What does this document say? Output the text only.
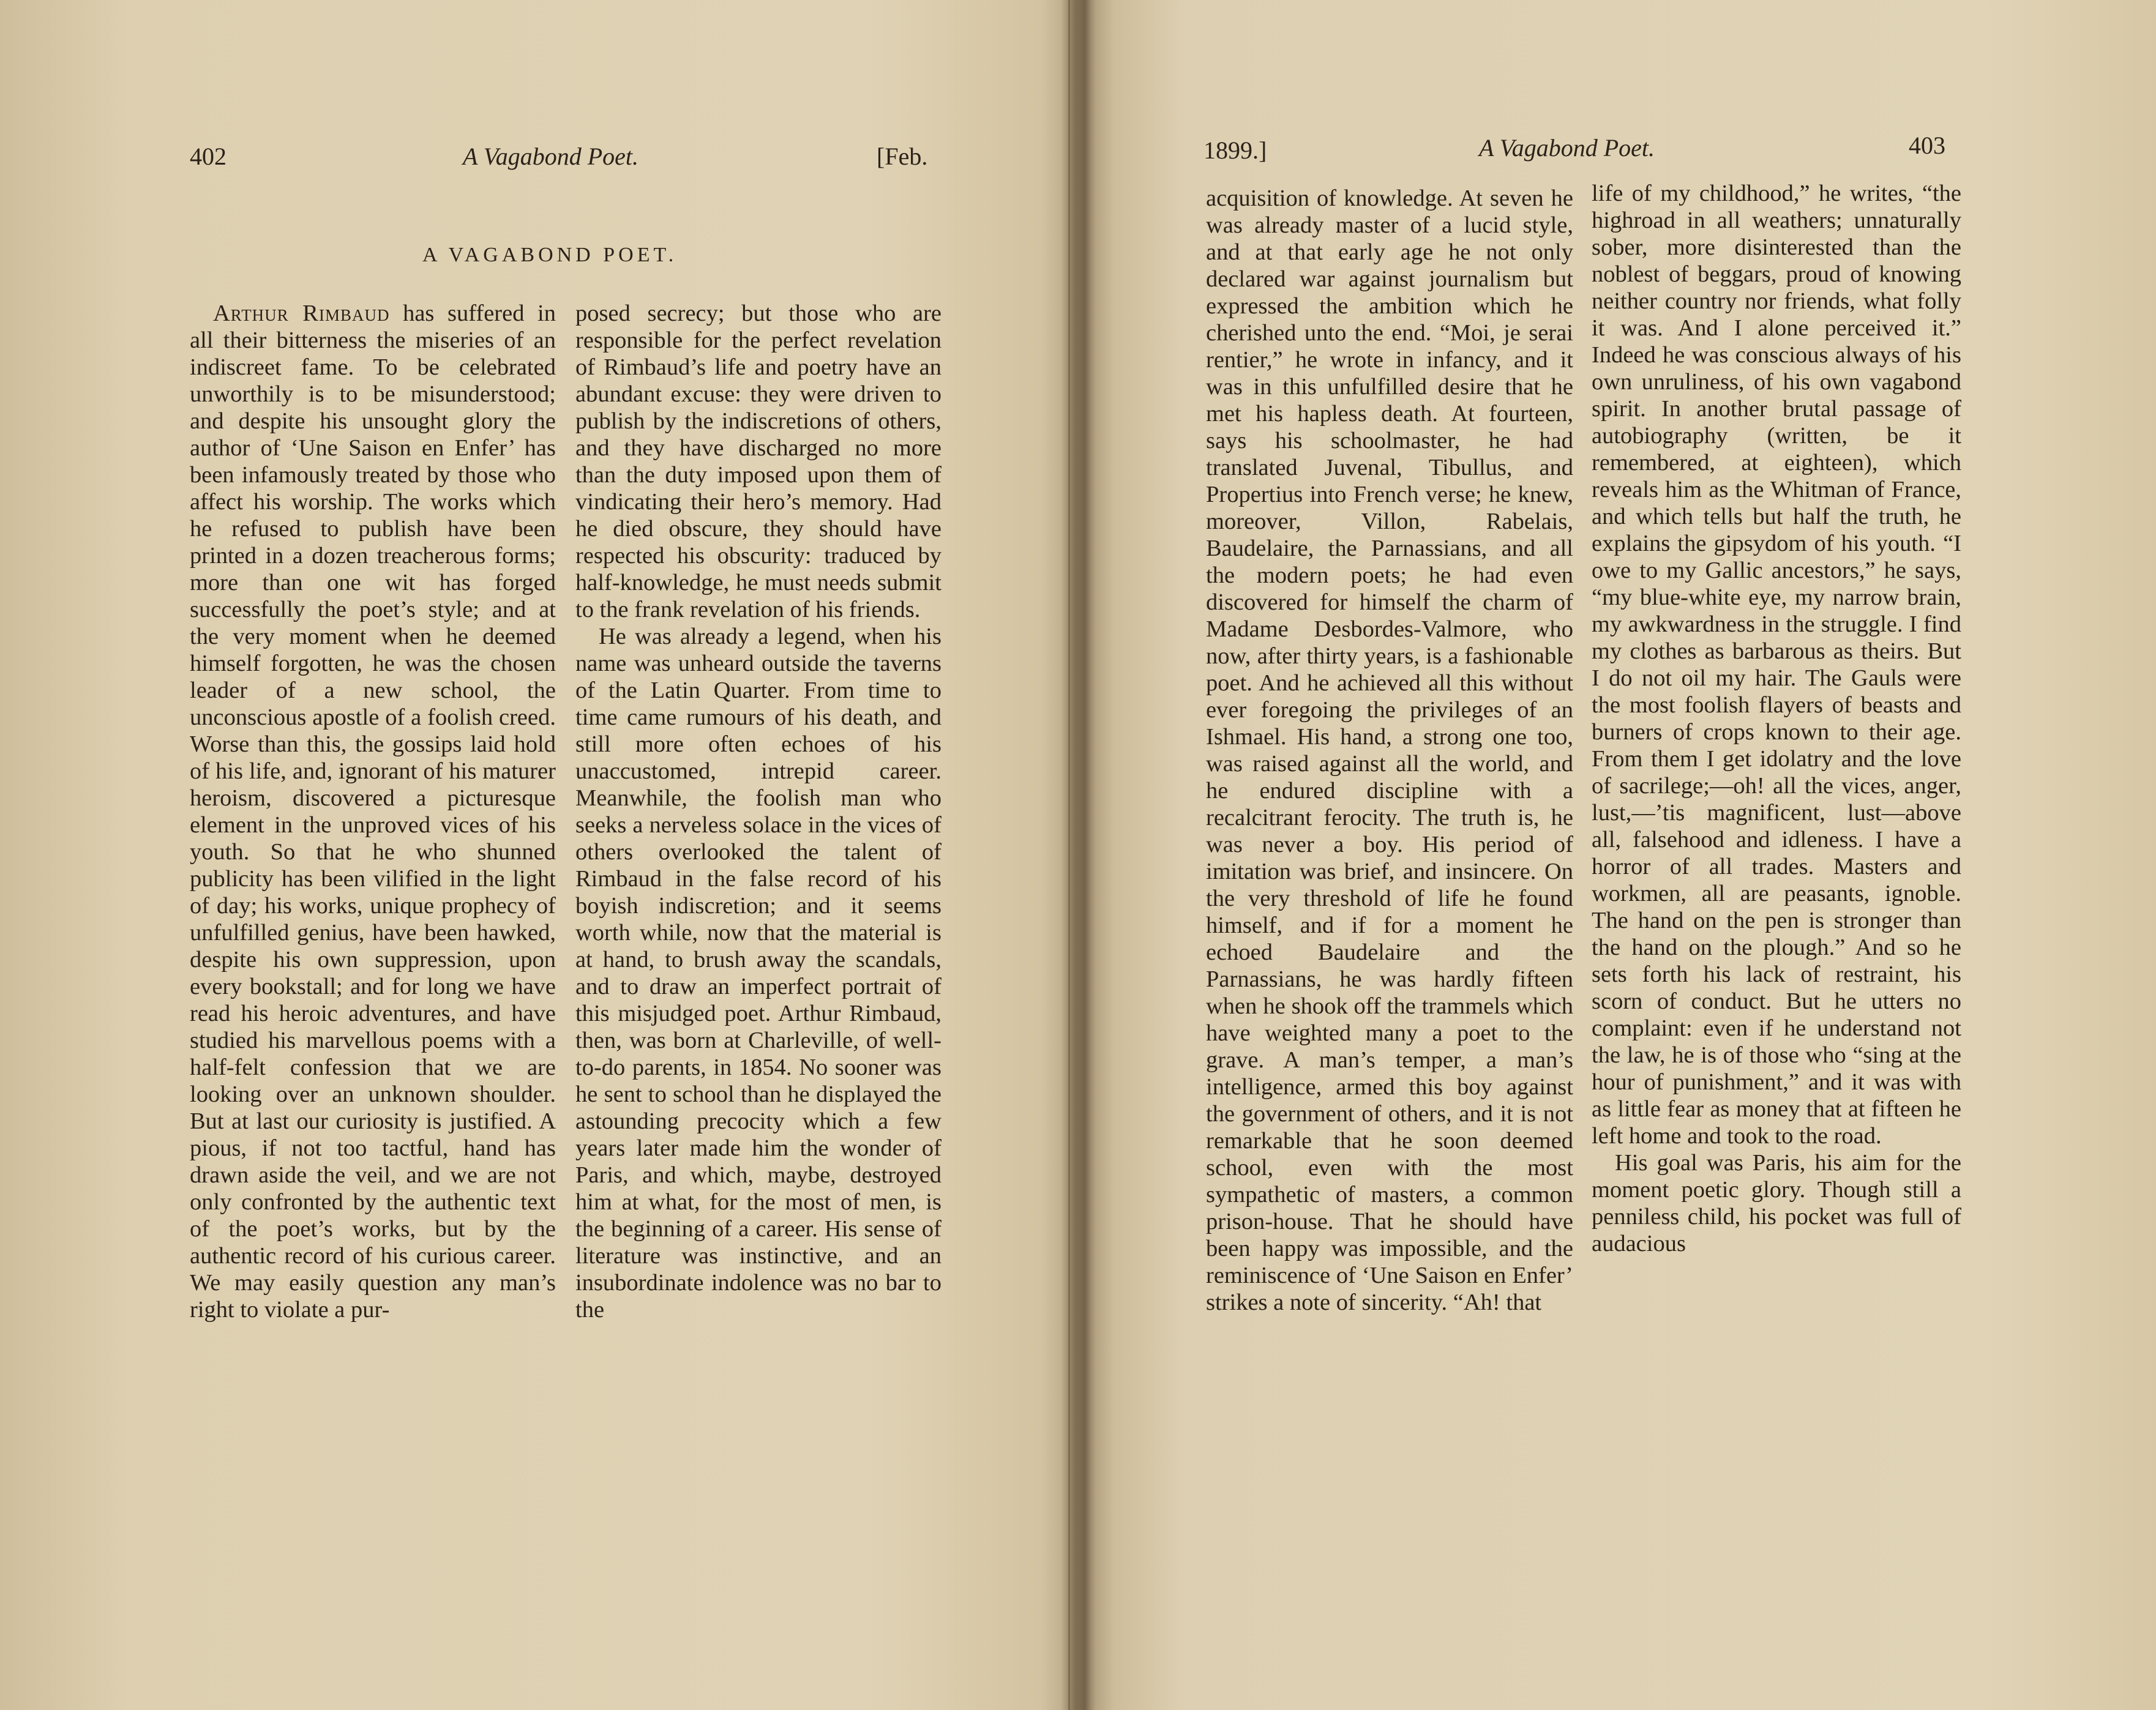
402	A Vagabond Poet.	[Feb.
A VAGABOND POET.

Arthur Rimbaud has suffered in all their bitterness the miseries of an indiscreet fame. To be celebrated unworthily is to be misunderstood; and despite his unsought glory the author of ‘Une Saison en Enfer’ has been infamously treated by those who affect his worship. The works which he refused to publish have been printed in a dozen treacherous forms; more than one wit has forged successfully the poet’s style; and at the very moment when he deemed himself forgotten, he was the chosen leader of a new school, the unconscious apostle of a foolish creed. Worse than this, the gossips laid hold of his life, and, ignorant of his maturer heroism, discovered a picturesque element in the unproved vices of his youth. So that he who shunned publicity has been vilified in the light of day; his works, unique prophecy of unfulfilled genius, have been hawked, despite his own suppression, upon every bookstall; and for long we have read his heroic adventures, and have studied his marvellous poems with a half-felt confession that we are looking over an unknown shoulder. But at last our curiosity is justified. A pious, if not too tactful, hand has drawn aside the veil, and we are not only confronted by the authentic text of the poet’s works, but by the authentic record of his curious career. We may easily question any man’s right to violate a pur-

posed secrecy; but those who are responsible for the perfect revelation of Rimbaud’s life and poetry have an abundant excuse: they were driven to publish by the indiscretions of others, and they have discharged no more than the duty imposed upon them of vindicating their hero’s memory. Had he died obscure, they should have respected his obscurity: traduced by half-knowledge, he must needs submit to the frank revelation of his friends.

He was already a legend, when his name was unheard outside the taverns of the Latin Quarter. From time to time came rumours of his death, and still more often echoes of his unaccustomed, intrepid career. Meanwhile, the foolish man who seeks a nerveless solace in the vices of others overlooked the talent of Rimbaud in the false record of his boyish indiscretion; and it seems worth while, now that the material is at hand, to brush away the scandals, and to draw an imperfect portrait of this misjudged poet. Arthur Rimbaud, then, was born at Charleville, of well-to-do parents, in 1854. No sooner was he sent to school than he displayed the astounding precocity which a few years later made him the wonder of Paris, and which, maybe, destroyed him at what, for the most of men, is the beginning of a career. His sense of literature was instinctive, and an insubordinate indolence was no bar to the

1899.]	A Vagabond Poet.	403

acquisition of knowledge. At seven he was already master of a lucid style, and at that early age he not only declared war against journalism but expressed the ambition which he cherished unto the end. “Moi, je serai rentier,” he wrote in infancy, and it was in this unfulfilled desire that he met his hapless death. At fourteen, says his schoolmaster, he had translated Juvenal, Tibullus, and Propertius into French verse; he knew, moreover, Villon, Rabelais, Baudelaire, the Parnassians, and all the modern poets; he had even discovered for himself the charm of Madame Desbordes-Valmore, who now, after thirty years, is a fashionable poet. And he achieved all this without ever foregoing the privileges of an Ishmael. His hand, a strong one too, was raised against all the world, and he endured discipline with a recalcitrant ferocity. The truth is, he was never a boy. His period of imitation was brief, and insincere. On the very threshold of life he found himself, and if for a moment he echoed Baudelaire and the Parnassians, he was hardly fifteen when he shook off the trammels which have weighted many a poet to the grave. A man’s temper, a man’s intelligence, armed this boy against the government of others, and it is not remarkable that he soon deemed school, even with the most sympathetic of masters, a common prison-house. That he should have been happy was impossible, and the reminiscence of ‘Une Saison en Enfer’ strikes a note of sincerity. “Ah! that

life of my childhood,” he writes, “the highroad in all weathers; unnaturally sober, more disinterested than the noblest of beggars, proud of knowing neither country nor friends, what folly it was. And I alone perceived it.” Indeed he was conscious always of his own unruliness, of his own vagabond spirit. In another brutal passage of autobiography (written, be it remembered, at eighteen), which reveals him as the Whitman of France, and which tells but half the truth, he explains the gipsydom of his youth. “I owe to my Gallic ancestors,” he says, “my blue-white eye, my narrow brain, my awkwardness in the struggle. I find my clothes as barbarous as theirs. But I do not oil my hair. The Gauls were the most foolish flayers of beasts and burners of crops known to their age. From them I get idolatry and the love of sacrilege;—oh! all the vices, anger, lust,—’tis magnificent, lust—above all, falsehood and idleness. I have a horror of all trades. Masters and workmen, all are peasants, ignoble. The hand on the pen is stronger than the hand on the plough.” And so he sets forth his lack of restraint, his scorn of conduct. But he utters no complaint: even if he understand not the law, he is of those who “sing at the hour of punishment,” and it was with as little fear as money that at fifteen he left home and took to the road.

His goal was Paris, his aim for the moment poetic glory. Though still a penniless child, his pocket was full of audacious
